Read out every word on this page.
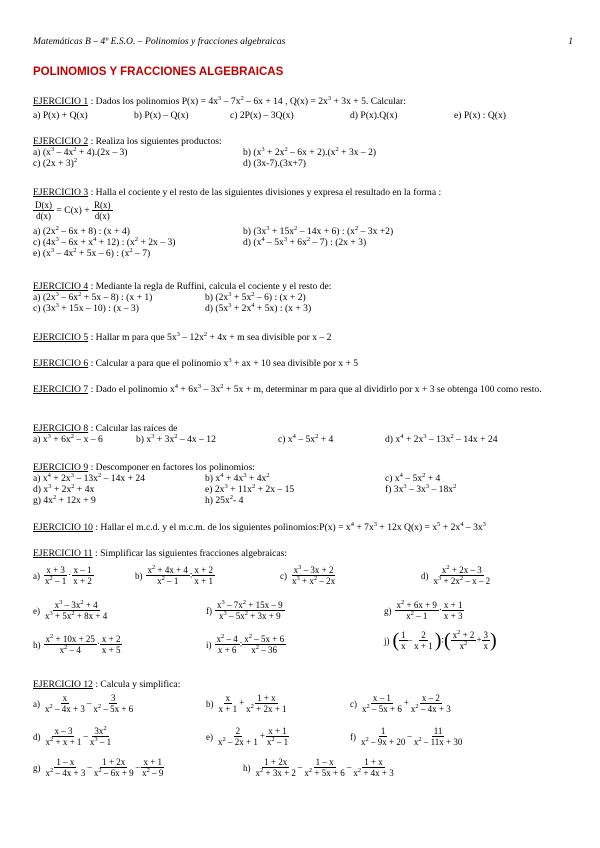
Matemáticas B – 4º E.S.O. – Polinomios y fracciones algebraicas	1
POLINOMIOS Y FRACCIONES ALGEBRAICAS
EJERCICIO 1 : Dados los polinomios $P(x) = 4x^3 - 7x^2 - 6x + 14$ , $Q(x) = 2x^3 + 3x + 5$. Calcular:
a) P(x) + Q(x)	b) P(x) – Q(x)	c) 2P(x) – 3Q(x)	d) P(x).Q(x)	e) P(x) : Q(x)
EJERCICIO 2 : Realiza los siguientes productos:
a) $(x^3 - 4x^2 + 4).(2x - 3)$	b) $(x^3 + 2x^2 - 6x + 2).(x^2 + 3x - 2)$
c) $(2x + 3)^2$	d) (3x-7).(3x+7)
EJERCICIO 3 : Halla el cociente y el resto de las siguientes divisiones y expresa el resultado en la forma :
$\frac{D(x)}{d(x)} = C(x) + \frac{R(x)}{d(x)}$
a) $(2x^2 - 6x + 8)$ : (x + 4)	b) $(3x^3 + 15x^2 - 14x + 6)$ : $(x^2 - 3x +2)$
c) $(4x^3 - 6x + x^4 + 12)$ : $(x^2 + 2x - 3)$	d) $(x^4 - 5x^3 + 6x^2 - 7)$ : (2x + 3)
e) $(x^3 - 4x^2 + 5x - 6)$ : $(x^2 - 7)$
EJERCICIO 4 : Mediante la regla de Ruffini, calcula el cociente y el resto de:
a) $(2x^3 - 6x^2 + 5x - 8)$ : (x + 1)	b) $(2x^3 + 5x^2 - 6)$ : (x + 2)
c) $(3x^3 + 15x - 10)$ : (x – 3)	d) $(5x^3 + 2x^4 + 5x)$ : (x + 3)
EJERCICIO 5 : Hallar m para que $5x^3 - 12x^2 + 4x + m$ sea divisible por x – 2
EJERCICIO 6 : Calcular a para que el polinomio $x^3$ + ax + 10 sea divisible por x + 5
EJERCICIO 7 : Dado el polinomio $x^4 + 6x^3 - 3x^2 + 5x + m$, determinar m para que al dividirlo por x + 3 se obtenga 100 como resto.
EJERCICIO 8 : Calcular las raíces de
a) $x^3 + 6x^2 - x - 6$	b) $x^3 + 3x^2 - 4x - 12$	c) $x^4 - 5x^2 + 4$	d) $x^4 + 2x^3 - 13x^2 - 14x + 24$
EJERCICIO 9 : Descomponer en factores los polinomios:
a) $x^4 + 2x^3 - 13x^2 - 14x + 24$	b) $x^4 + 4x^3 + 4x^2$	c) $x^4 - 5x^2 + 4$
d) $x^3 + 2x^2 + 4x$	e) $2x^3 + 11x^2 + 2x - 15$	f) $3x^3 - 3x^3 - 18x^2$
g) $4x^2 + 12x + 9$	h) $25x^2-$ 4
EJERCICIO 10 : Hallar el m.c.d. y el m.c.m. de los siguientes polinomios:P(x) = $x^4 + 7x^3 + 12x$ $Q(x) = x^5 + 2x^4 - 3x^3$
EJERCICIO 11 : Simplificar las siguientes fracciones algebraicas:
$a) \frac{x + 3}{x^2 - 1} \cdot \frac{x - 1}{x + 2}$	$b) \frac{x^2 + 4x + 4}{x^2 - 1}$ : $\frac{x + 2}{x + 1}$	$c) \frac{x^3 - 3x + 2}{x^3 + x^2 - 2x}$	$d) \frac{x^2 + 2x - 3}{x^3 + 2x^2 - x - 2}$
$e) \frac{x^3 - 3x^2 + 4}{x^3 + 5x^2 + 8x + 4}$	$f) \frac{x^3 - 7x^2 + 15x - 9}{x^3 - 5x^2 + 3x + 9}$	$g) \frac{x^2 + 6x + 9}{x^2 - 1} \cdot \frac{x + 1}{x + 3}$
$h) \frac{x^2 + 10x + 25}{x^2 - 4} \cdot \frac{x + 2}{x + 5}$	$i) \frac{x^2 - 4}{x + 6}$ : $\frac{x^2 - 5x + 6}{x^2 - 36}$	j) ( $\frac{1}{x} - \frac{2}{x + 1}$ ):( $\frac{x^2 + 2}{x^2} + \frac{3}{x}$ )
EJERCICIO 12 : Calcula y simplifica:
$a) \frac{x}{x^2 - 4x + 3} - \frac{3}{x^2 - 5x + 6}$	$b) \frac{x}{x + 1} + \frac{1 + x}{x^2 + 2x + 1}$	$c) \frac{x - 1}{x^2 - 5x + 6} + \frac{x - 2}{x^2 - 4x + 3}$
$d) \frac{x - 3}{x^2 + x + 1} - \frac{3x^2}{x^3 - 1}$	$e) \frac{2}{x^2 - 2x + 1} + \frac{x + 1}{x^2 - 1}$	$f) \frac{1}{x^2 - 9x + 20} - \frac{11}{x^2 - 11x + 30}$
$g) \frac{1 - x}{x^2 - 4x + 3} - \frac{1 + 2x}{x^2 - 6x + 9} - \frac{x + 1}{x^2 - 9}$	$h) \frac{1 + 2x}{x^2 + 3x + 2} - \frac{1 - x}{x^2 + 5x + 6} - \frac{1 + x}{x^2 + 4x + 3}$
